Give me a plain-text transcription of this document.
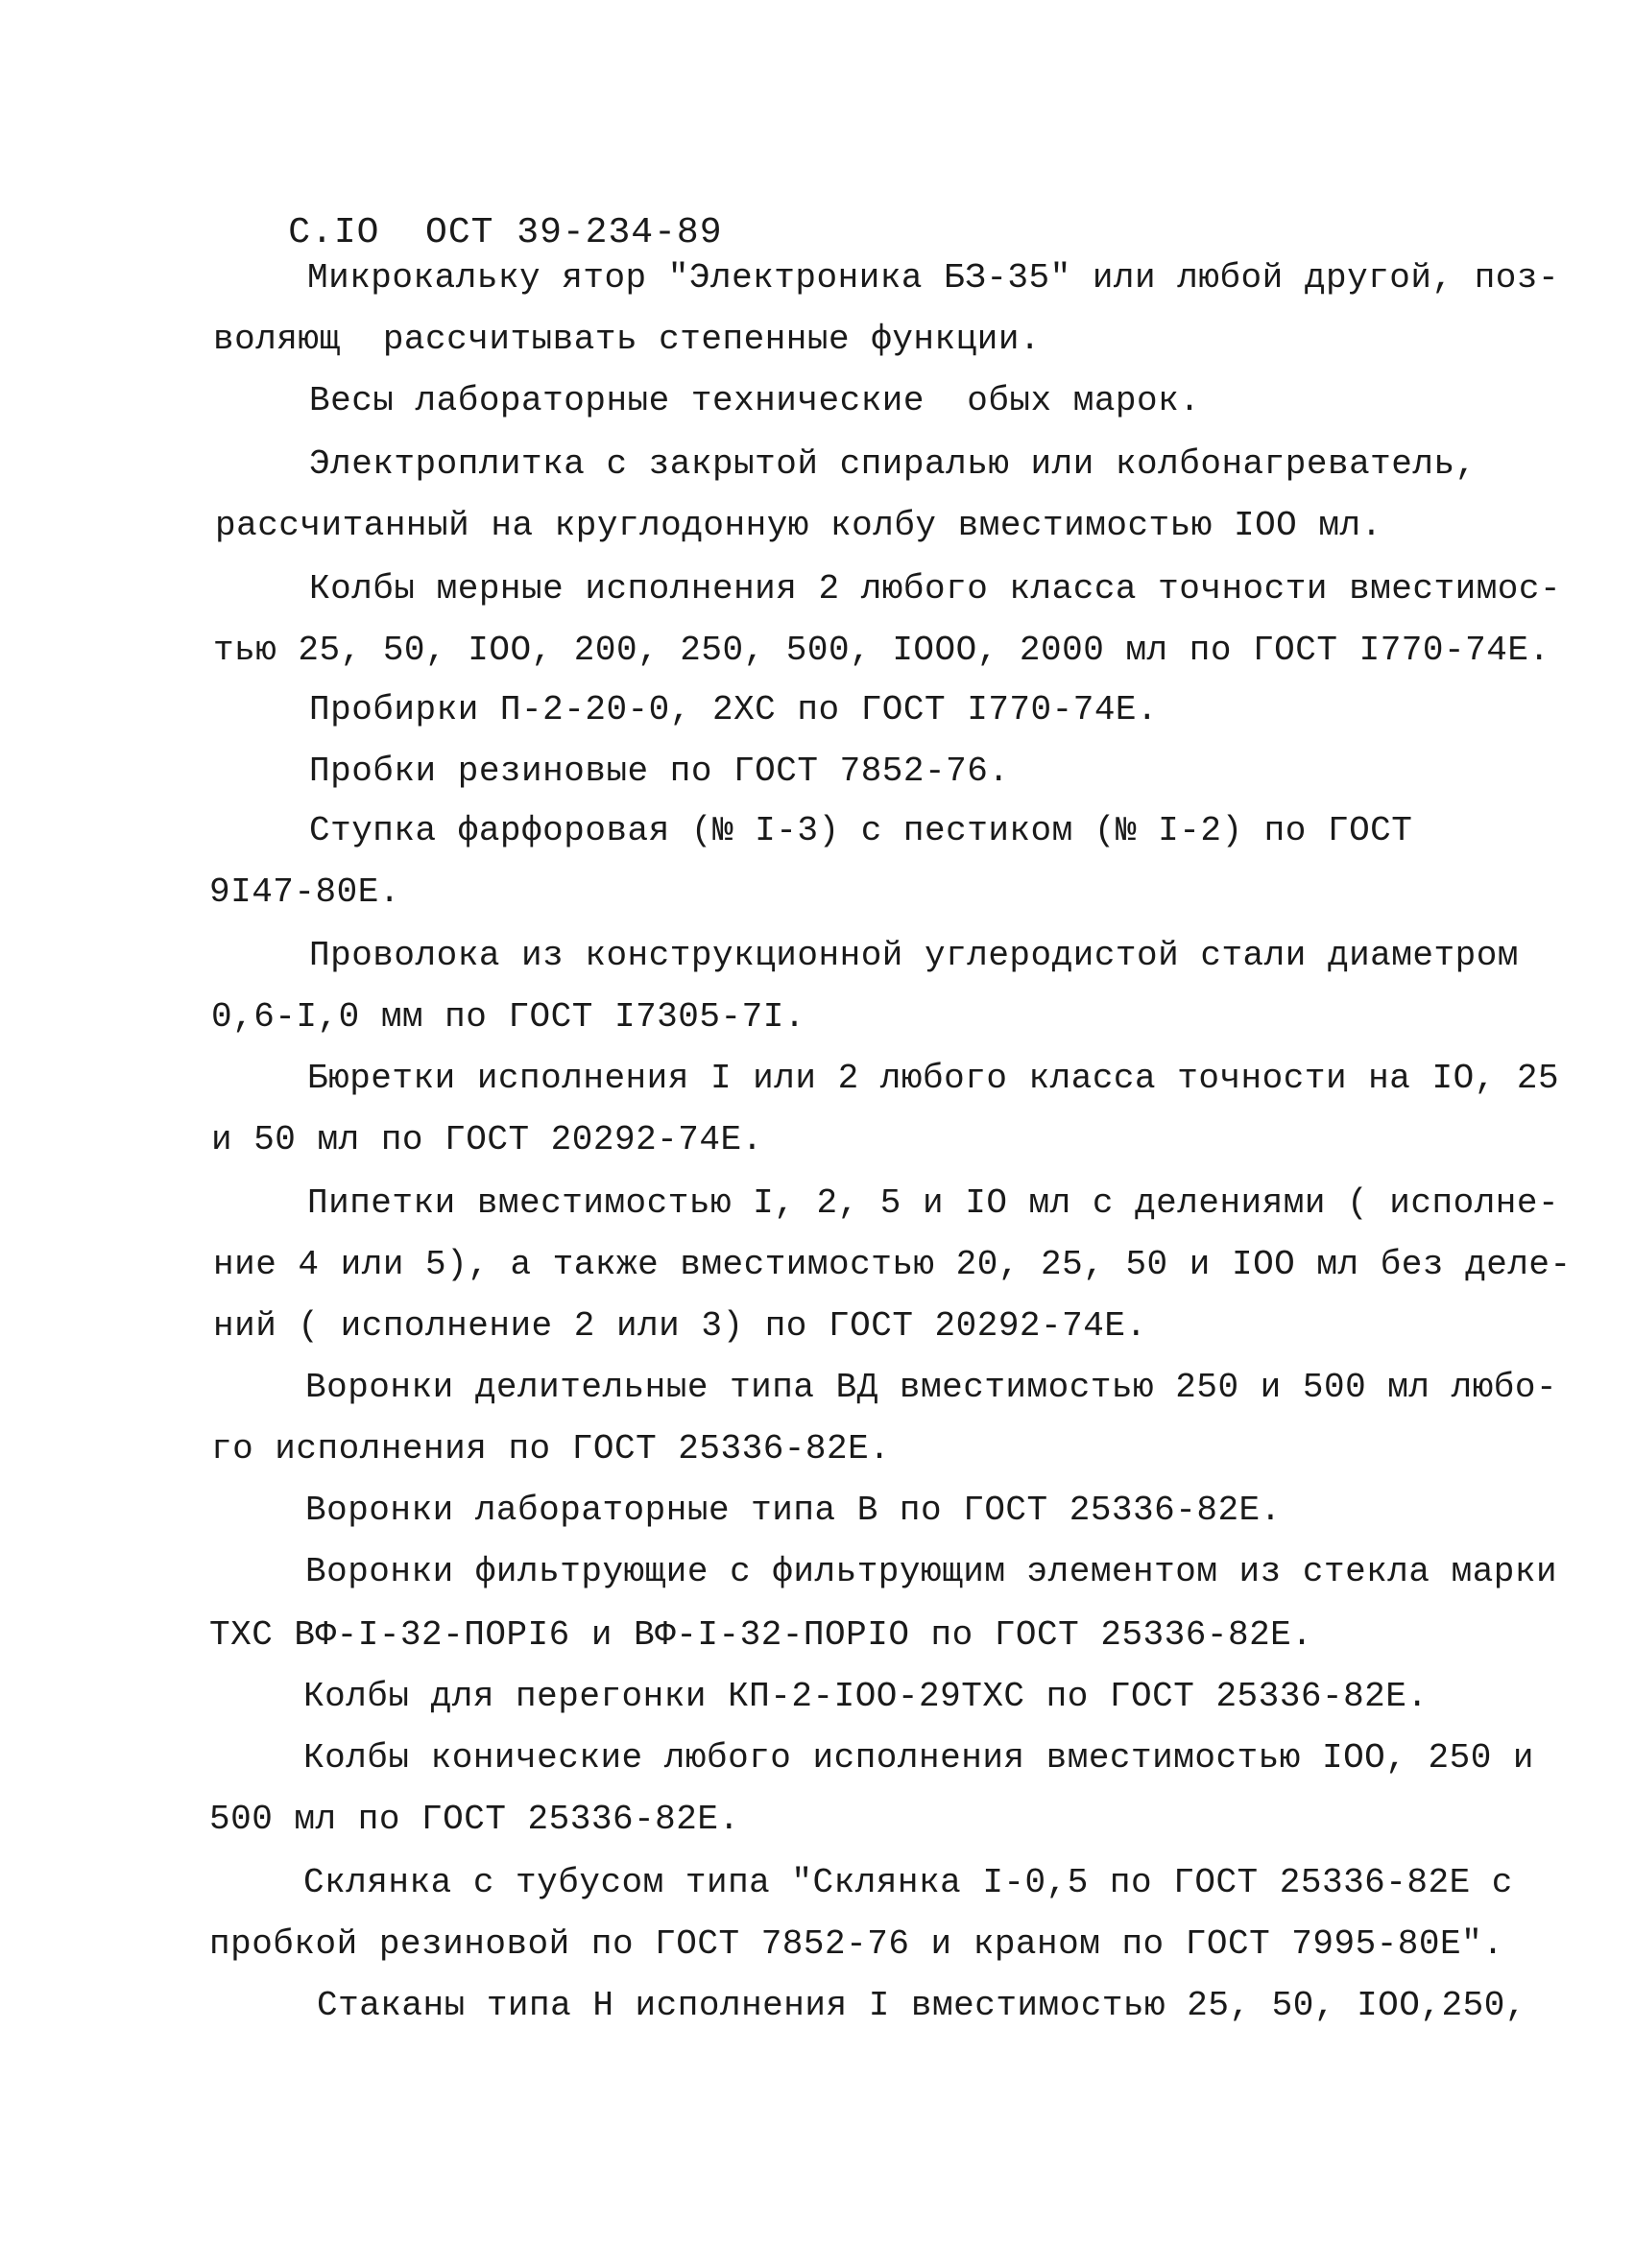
С.IО ОСТ 39-234-89

Микрокальку ятор "Электроника БЗ-35" или любой другой, поз-
воляющ  рассчитывать степенные функции.
Весы лабораторные технические  обых марок.
Электроплитка с закрытой спиралью или колбонагреватель,
рассчитанный на круглодонную колбу вместимостью IОО мл.
Колбы мерные исполнения 2 любого класса точности вместимос-
тью 25, 50, IОО, 200, 250, 500, IООО, 2000 мл по ГОСТ I770-74Е.
Пробирки П-2-20-0, 2ХС по ГОСТ I770-74Е.
Пробки резиновые по ГОСТ 7852-76.
Ступка фарфоровая (№ I-3) с пестиком (№ I-2) по ГОСТ
9I47-80Е.
Проволока из конструкционной углеродистой стали диаметром
0,6-I,0 мм по ГОСТ I7305-7I.
Бюретки исполнения I или 2 любого класса точности на IО, 25
и 50 мл по ГОСТ 20292-74Е.
Пипетки вместимостью I, 2, 5 и IО мл с делениями ( исполне-
ние 4 или 5), а также вместимостью 20, 25, 50 и IОО мл без деле-
ний ( исполнение 2 или 3) по ГОСТ 20292-74Е.
Воронки делительные типа ВД вместимостью 250 и 500 мл любо-
го исполнения по ГОСТ 25336-82Е.
Воронки лабораторные типа В по ГОСТ 25336-82Е.
Воронки фильтрующие с фильтрующим элементом из стекла марки
ТХС ВФ-I-32-ПОРI6 и ВФ-I-32-ПОРIО по ГОСТ 25336-82Е.
Колбы для перегонки КП-2-IОО-29ТХС по ГОСТ 25336-82Е.
Колбы конические любого исполнения вместимостью IОО, 250 и
500 мл по ГОСТ 25336-82Е.
Склянка с тубусом типа "Склянка I-0,5 по ГОСТ 25336-82Е с
пробкой резиновой по ГОСТ 7852-76 и краном по ГОСТ 7995-80Е".
Стаканы типа Н исполнения I вместимостью 25, 50, IОО,250,
